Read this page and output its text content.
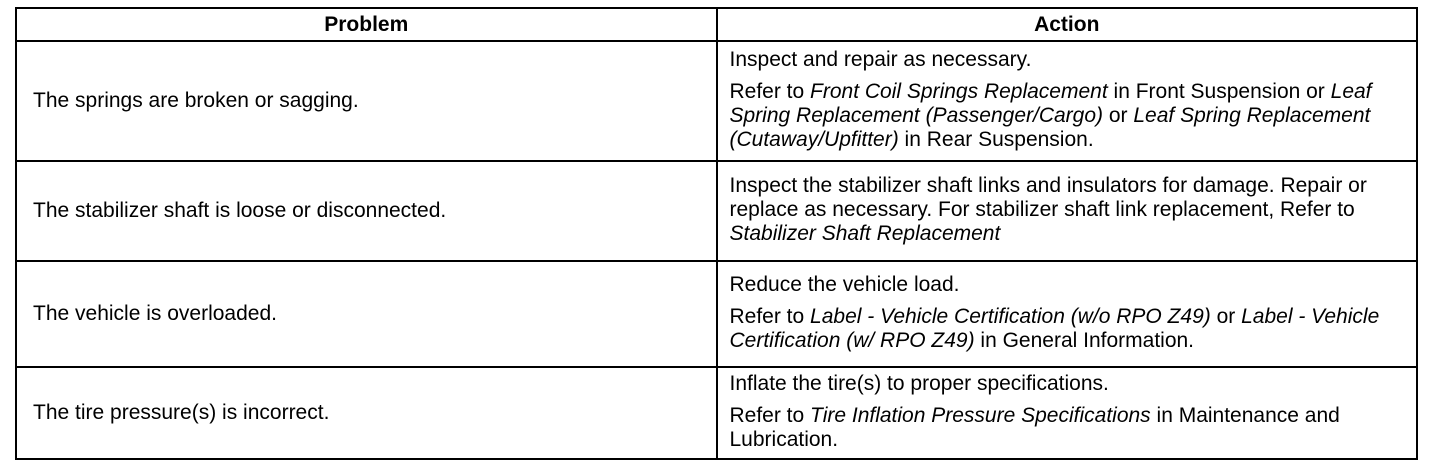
Problem	Action
The springs are broken or sagging.	Inspect and repair as necessary.

Refer to Front Coil Springs Replacement in Front Suspension or Leaf Spring Replacement (Passenger/Cargo) or Leaf Spring Replacement (Cutaway/Upfitter) in Rear Suspension.

The stabilizer shaft is loose or disconnected.	Inspect the stabilizer shaft links and insulators for damage. Repair or replace as necessary. For stabilizer shaft link replacement, Refer to Stabilizer Shaft Replacement

The vehicle is overloaded.	Reduce the vehicle load.

Refer to Label - Vehicle Certification (w/o RPO Z49) or Label - Vehicle Certification (w/ RPO Z49) in General Information.

The tire pressure(s) is incorrect.	Inflate the tire(s) to proper specifications.

Refer to Tire Inflation Pressure Specifications in Maintenance and Lubrication.
